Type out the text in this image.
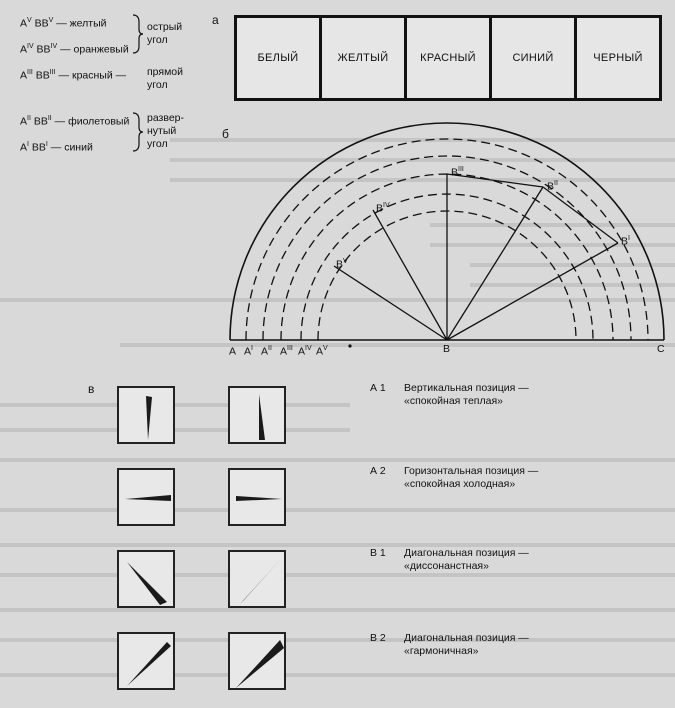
$A^V$ $BB^V$ — желтый
$A^{IV}$ $BB^{IV}$ — оранжевый
острый
угол
$A^{III}$ $BB^{III}$ — красный — прямой
угол
$A^{II}$ $BB^{II}$ — фиолетовый
$A^I$ $BB^I$ — синий
развер-
нутый
угол
а
БЕЛЫЙ	ЖЕЛТЫЙ	КРАСНЫЙ	СИНИЙ	ЧЕРНЫЙ
б
$B^V$
$B^{IV}$
$B^{III}$
$B^{II}$
$B^I$
A $A^I$ $A^{II}$ $A^{III}$ $A^{IV}$ $A^V$	B	C
в	А 1 Вертикальная позиция —
«спокойная теплая»
А 2 Горизонтальная позиция —
«спокойная холодная»
В 1 Диагональная позиция —
«диссонанстная»
В 2 Диагональная позиция —
«гармоничная»
